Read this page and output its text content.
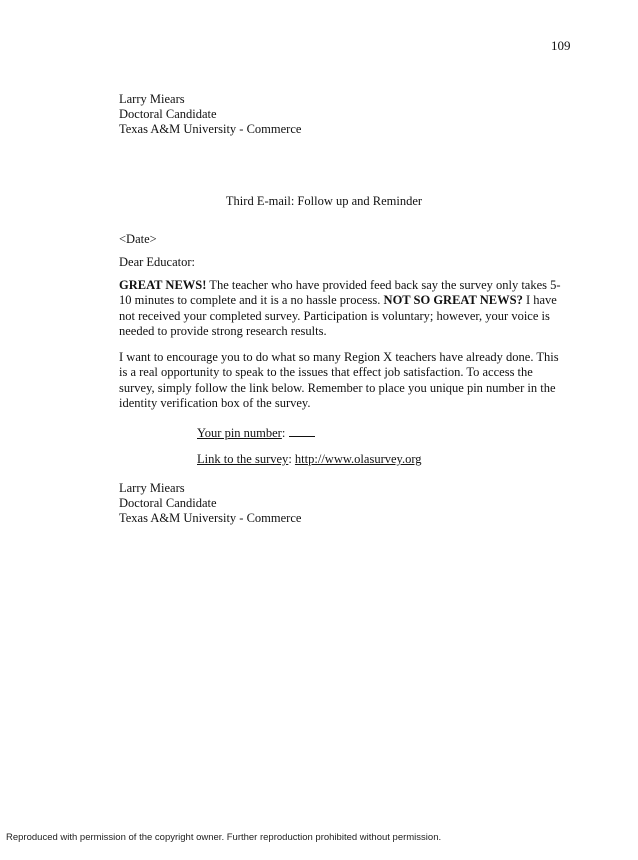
109
Larry Miears
Doctoral Candidate
Texas A&M University - Commerce
Third E-mail: Follow up and Reminder
<Date>
Dear Educator:
GREAT NEWS! The teacher who have provided feed back say the survey only takes 5-10 minutes to complete and it is a no hassle process. NOT SO GREAT NEWS? I have not received your completed survey. Participation is voluntary; however, your voice is needed to provide strong research results.
I want to encourage you to do what so many Region X teachers have already done. This is a real opportunity to speak to the issues that effect job satisfaction. To access the survey, simply follow the link below. Remember to place you unique pin number in the identity verification box of the survey.
Your pin number:
Link to the survey: http://www.olasurvey.org
Larry Miears
Doctoral Candidate
Texas A&M University - Commerce
Reproduced with permission of the copyright owner. Further reproduction prohibited without permission.
